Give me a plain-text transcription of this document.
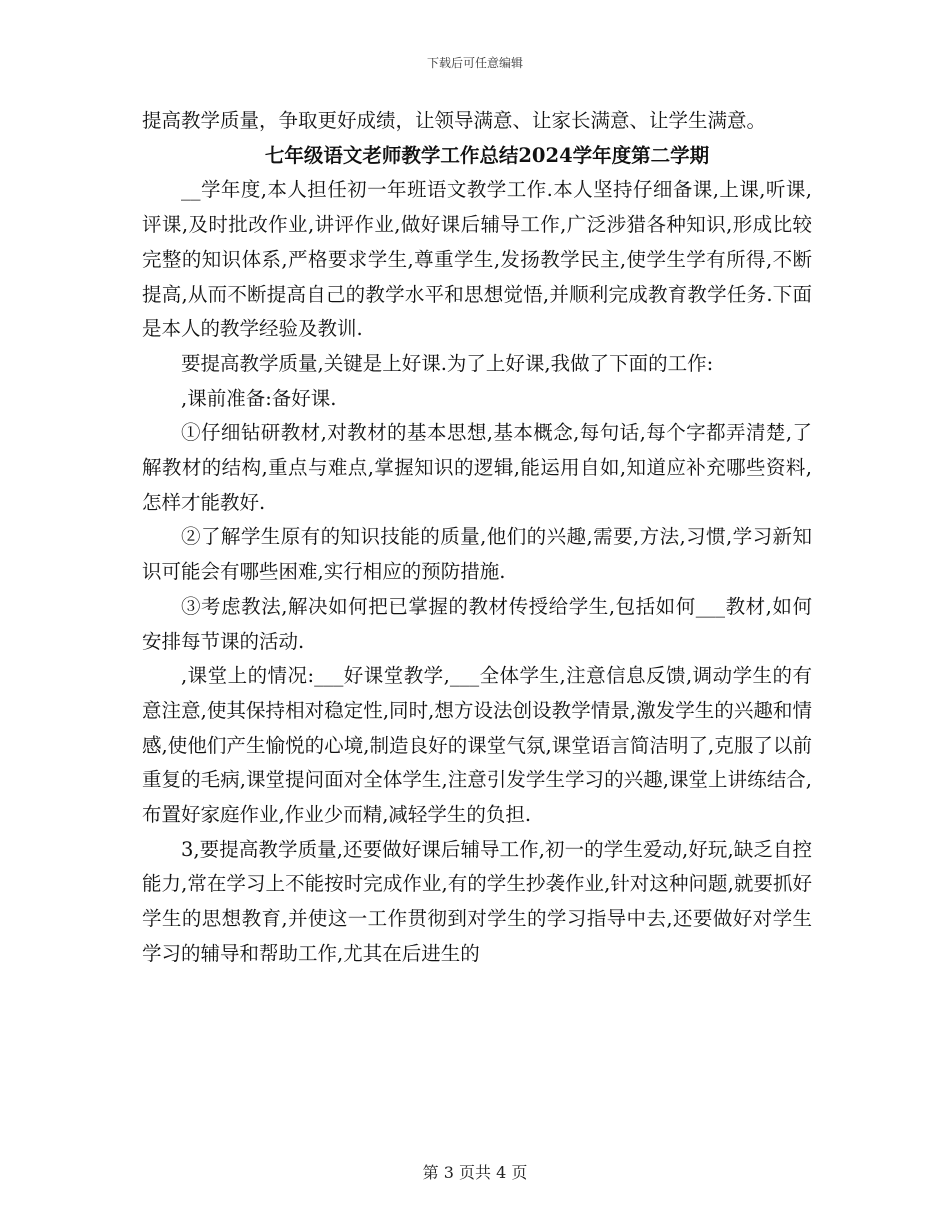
下载后可任意编辑

提高教学质量，争取更好成绩，让领导满意、让家长满意、让学生满意。

七年级语文老师教学工作总结2024学年度第二学期

__学年度,本人担任初一年班语文教学工作.本人坚持仔细备课,上课,听课,评课,及时批改作业,讲评作业,做好课后辅导工作,广泛涉猎各种知识,形成比较完整的知识体系,严格要求学生,尊重学生,发扬教学民主,使学生学有所得,不断提高,从而不断提高自己的教学水平和思想觉悟,并顺利完成教育教学任务.下面是本人的教学经验及教训.

要提高教学质量,关键是上好课.为了上好课,我做了下面的工作:

,课前准备:备好课.

①仔细钻研教材,对教材的基本思想,基本概念,每句话,每个字都弄清楚,了解教材的结构,重点与难点,掌握知识的逻辑,能运用自如,知道应补充哪些资料,怎样才能教好.

②了解学生原有的知识技能的质量,他们的兴趣,需要,方法,习惯,学习新知识可能会有哪些困难,实行相应的预防措施.

③考虑教法,解决如何把已掌握的教材传授给学生,包括如何___教材,如何安排每节课的活动.

,课堂上的情况:___好课堂教学,___全体学生,注意信息反馈,调动学生的有意注意,使其保持相对稳定性,同时,想方设法创设教学情景,激发学生的兴趣和情感,使他们产生愉悦的心境,制造良好的课堂气氛,课堂语言简洁明了,克服了以前重复的毛病,课堂提问面对全体学生,注意引发学生学习的兴趣,课堂上讲练结合,布置好家庭作业,作业少而精,减轻学生的负担.

3,要提高教学质量,还要做好课后辅导工作,初一的学生爱动,好玩,缺乏自控能力,常在学习上不能按时完成作业,有的学生抄袭作业,针对这种问题,就要抓好学生的思想教育,并使这一工作贯彻到对学生的学习指导中去,还要做好对学生学习的辅导和帮助工作,尤其在后进生的

第 3 页共 4 页
